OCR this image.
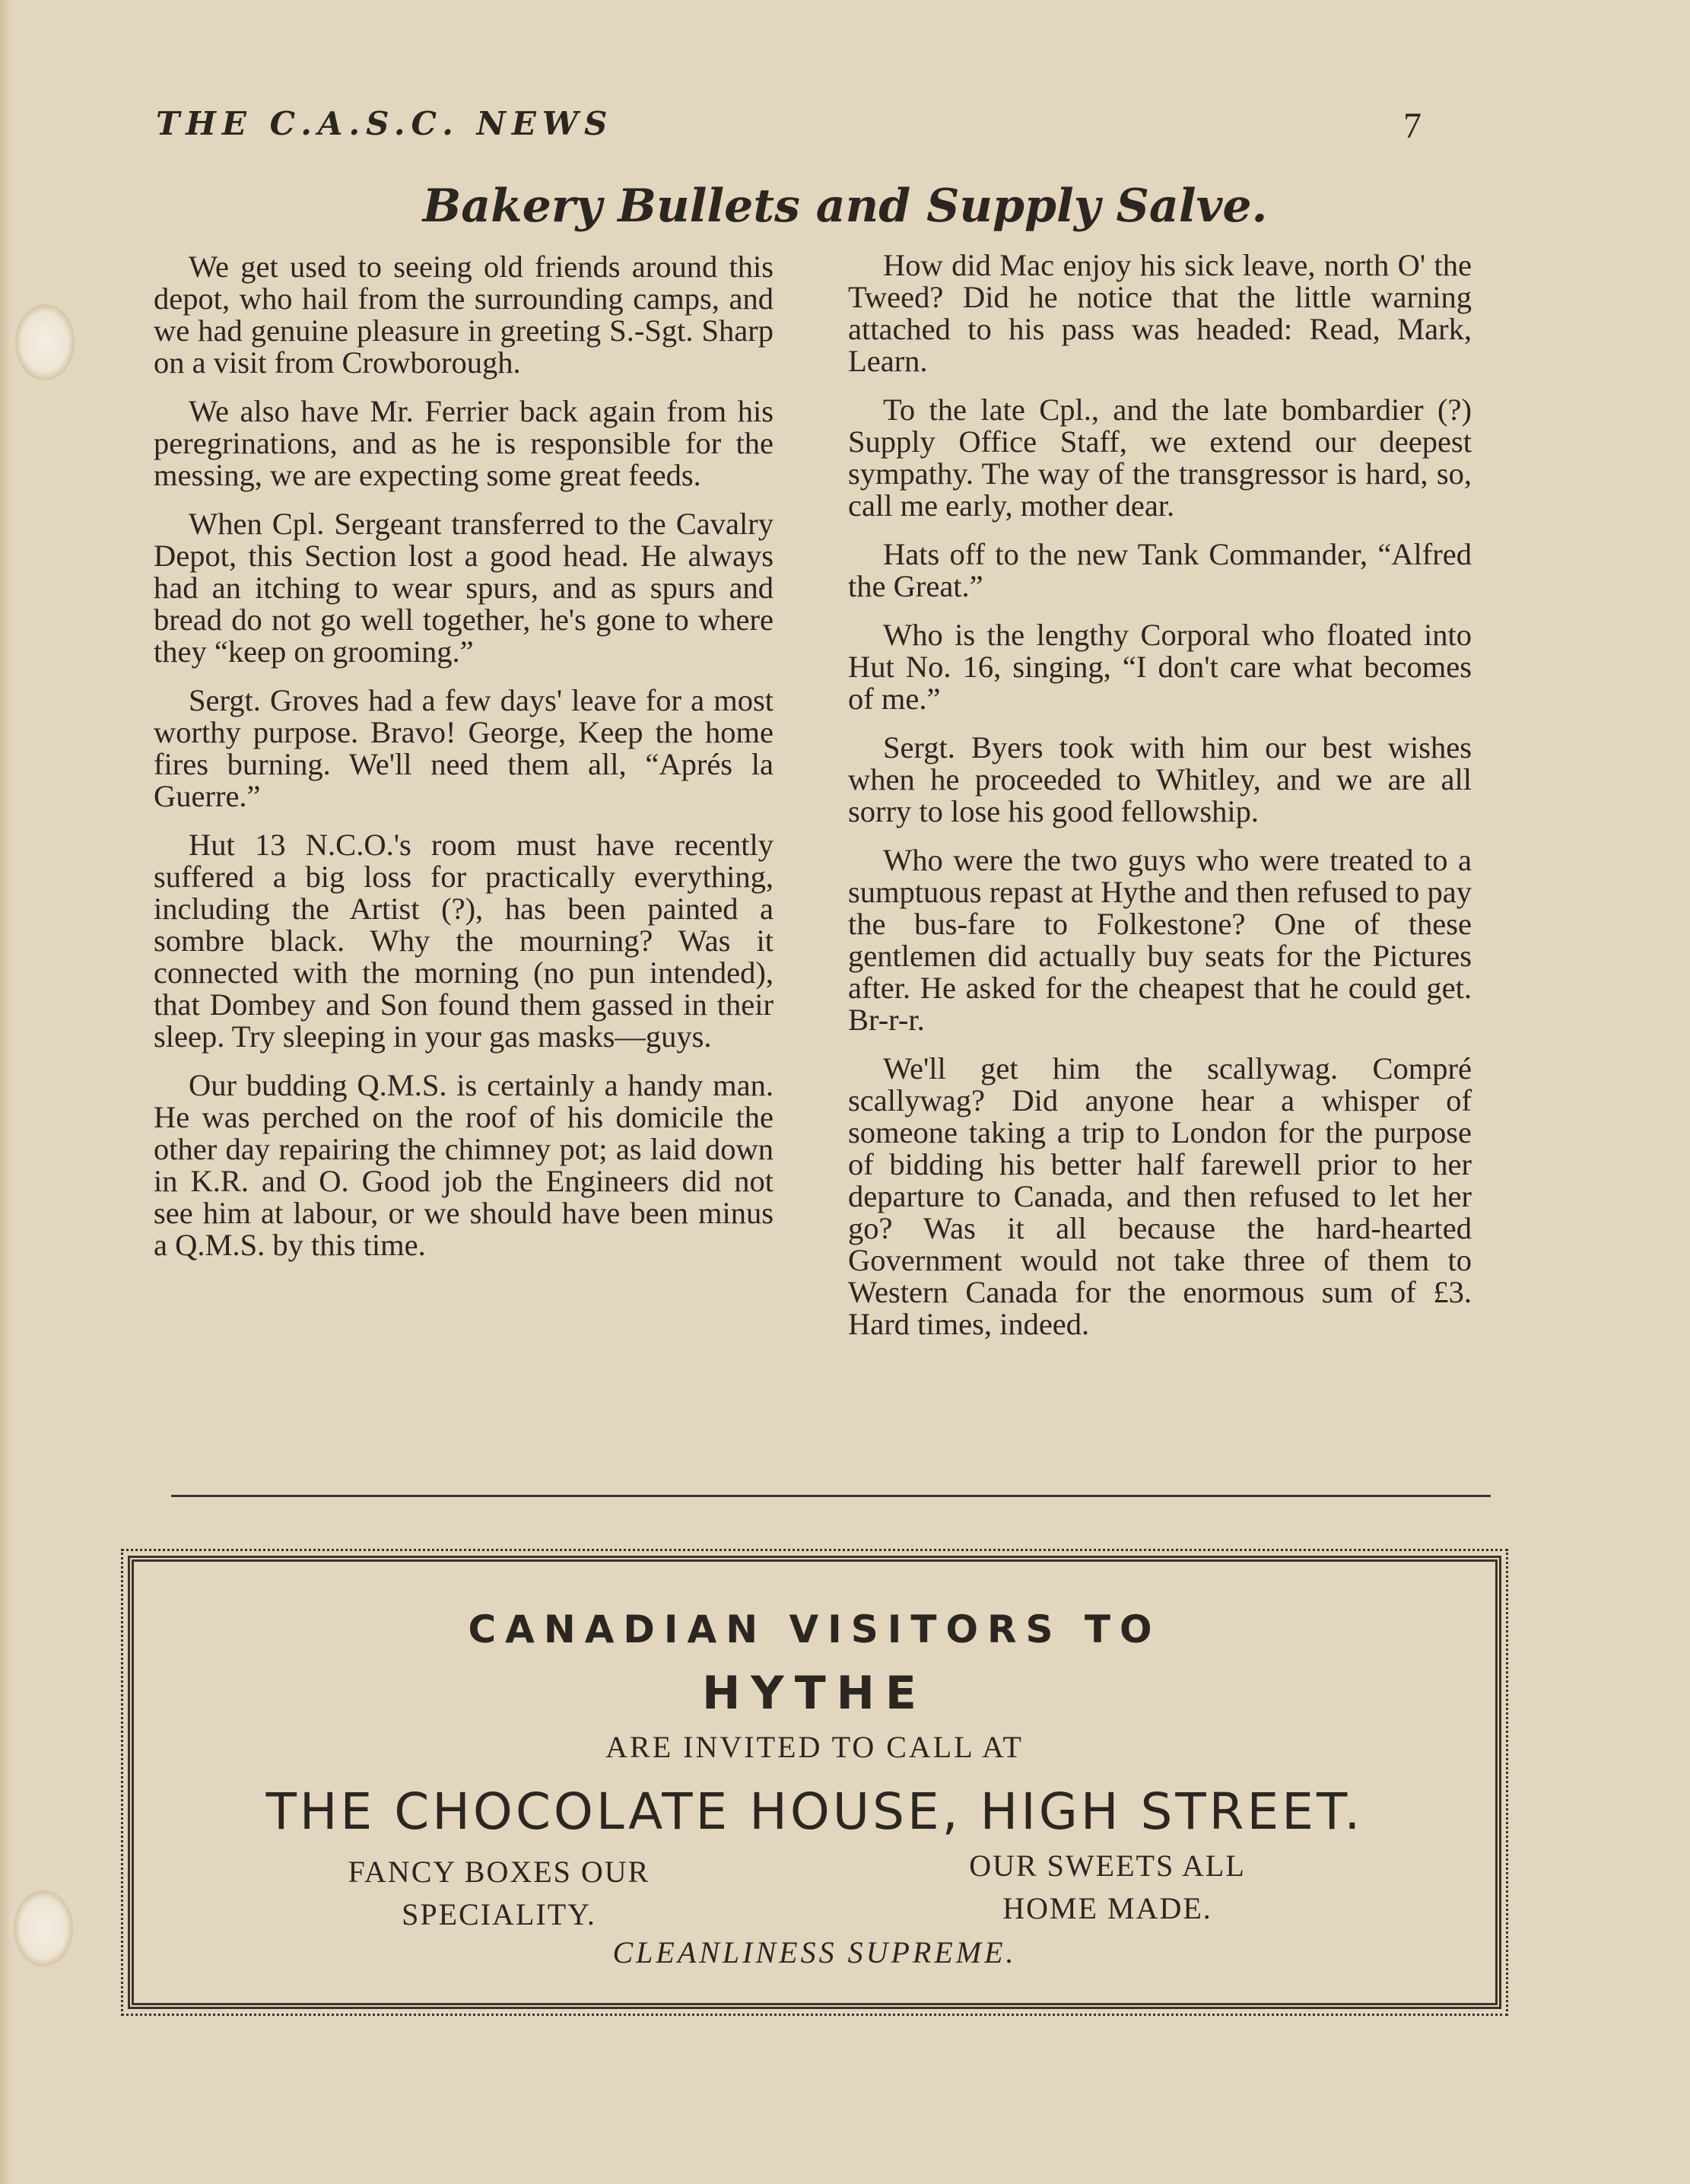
THE C.A.S.C. NEWS	7
Bakery Bullets and Supply Salve.

We get used to seeing old friends around this depot, who hail from the surrounding camps, and we had genuine pleasure in greeting S.-Sgt. Sharp on a visit from Crowborough.

We also have Mr. Ferrier back again from his peregrinations, and as he is responsible for the messing, we are expecting some great feeds.

When Cpl. Sergeant transferred to the Cavalry Depot, this Section lost a good head. He always had an itching to wear spurs, and as spurs and bread do not go well together, he's gone to where they “keep on grooming.”

Sergt. Groves had a few days' leave for a most worthy purpose. Bravo! George, Keep the home fires burning. We'll need them all, “Aprés la Guerre.”

Hut 13 N.C.O.'s room must have recently suffered a big loss for practically everything, including the Artist (?), has been painted a sombre black. Why the mourning? Was it connected with the morning (no pun intended), that Dombey and Son found them gassed in their sleep. Try sleeping in your gas masks—guys.

Our budding Q.M.S. is certainly a handy man. He was perched on the roof of his domicile the other day repairing the chimney pot; as laid down in K.R. and O. Good job the Engineers did not see him at labour, or we should have been minus a Q.M.S. by this time.

How did Mac enjoy his sick leave, north O' the Tweed? Did he notice that the little warning attached to his pass was headed: Read, Mark, Learn.

To the late Cpl., and the late bombardier (?) Supply Office Staff, we extend our deepest sympathy. The way of the transgressor is hard, so, call me early, mother dear.

Hats off to the new Tank Commander, “Alfred the Great.”

Who is the lengthy Corporal who floated into Hut No. 16, singing, “I don't care what becomes of me.”

Sergt. Byers took with him our best wishes when he proceeded to Whitley, and we are all sorry to lose his good fellowship.

Who were the two guys who were treated to a sumptuous repast at Hythe and then refused to pay the bus-fare to Folkestone? One of these gentlemen did actually buy seats for the Pictures after. He asked for the cheapest that he could get. Br-r-r.

We'll get him the scallywag. Compré scallywag? Did anyone hear a whisper of someone taking a trip to London for the purpose of bidding his better half farewell prior to her departure to Canada, and then refused to let her go? Was it all because the hard-hearted Government would not take three of them to Western Canada for the enormous sum of £3. Hard times, indeed.

CANADIAN VISITORS TO
HYTHE
ARE INVITED TO CALL AT
THE CHOCOLATE HOUSE, HIGH STREET.
FANCY BOXES OUR
SPECIALITY.
OUR SWEETS ALL
HOME MADE.
CLEANLINESS SUPREME.
